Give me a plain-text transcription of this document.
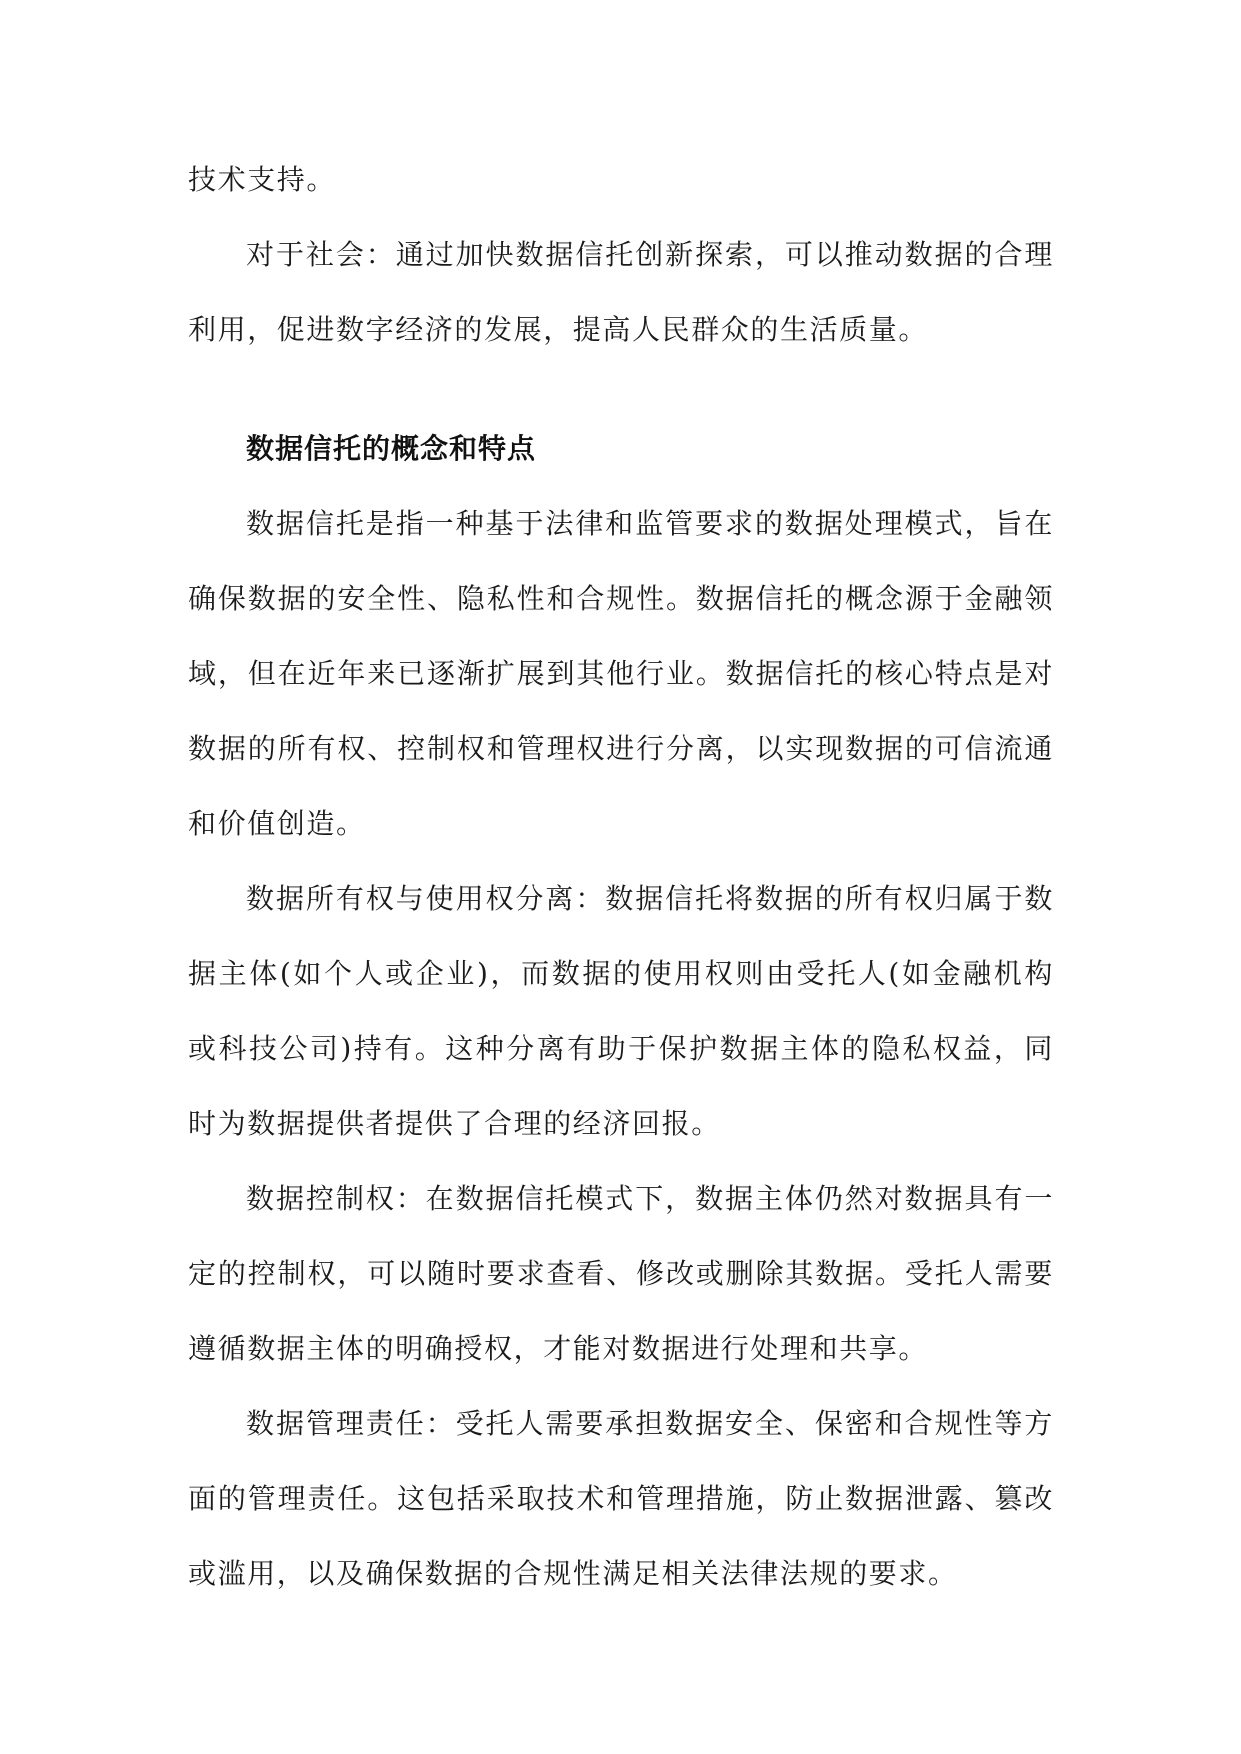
技术支持。

对于社会：通过加快数据信托创新探索，可以推动数据的合理利用，促进数字经济的发展，提高人民群众的生活质量。

数据信托的概念和特点

数据信托是指一种基于法律和监管要求的数据处理模式，旨在确保数据的安全性、隐私性和合规性。数据信托的概念源于金融领域，但在近年来已逐渐扩展到其他行业。数据信托的核心特点是对数据的所有权、控制权和管理权进行分离，以实现数据的可信流通和价值创造。

数据所有权与使用权分离：数据信托将数据的所有权归属于数据主体(如个人或企业)，而数据的使用权则由受托人(如金融机构或科技公司)持有。这种分离有助于保护数据主体的隐私权益，同时为数据提供者提供了合理的经济回报。

数据控制权：在数据信托模式下，数据主体仍然对数据具有一定的控制权，可以随时要求查看、修改或删除其数据。受托人需要遵循数据主体的明确授权，才能对数据进行处理和共享。

数据管理责任：受托人需要承担数据安全、保密和合规性等方面的管理责任。这包括采取技术和管理措施，防止数据泄露、篡改或滥用，以及确保数据的合规性满足相关法律法规的要求。
